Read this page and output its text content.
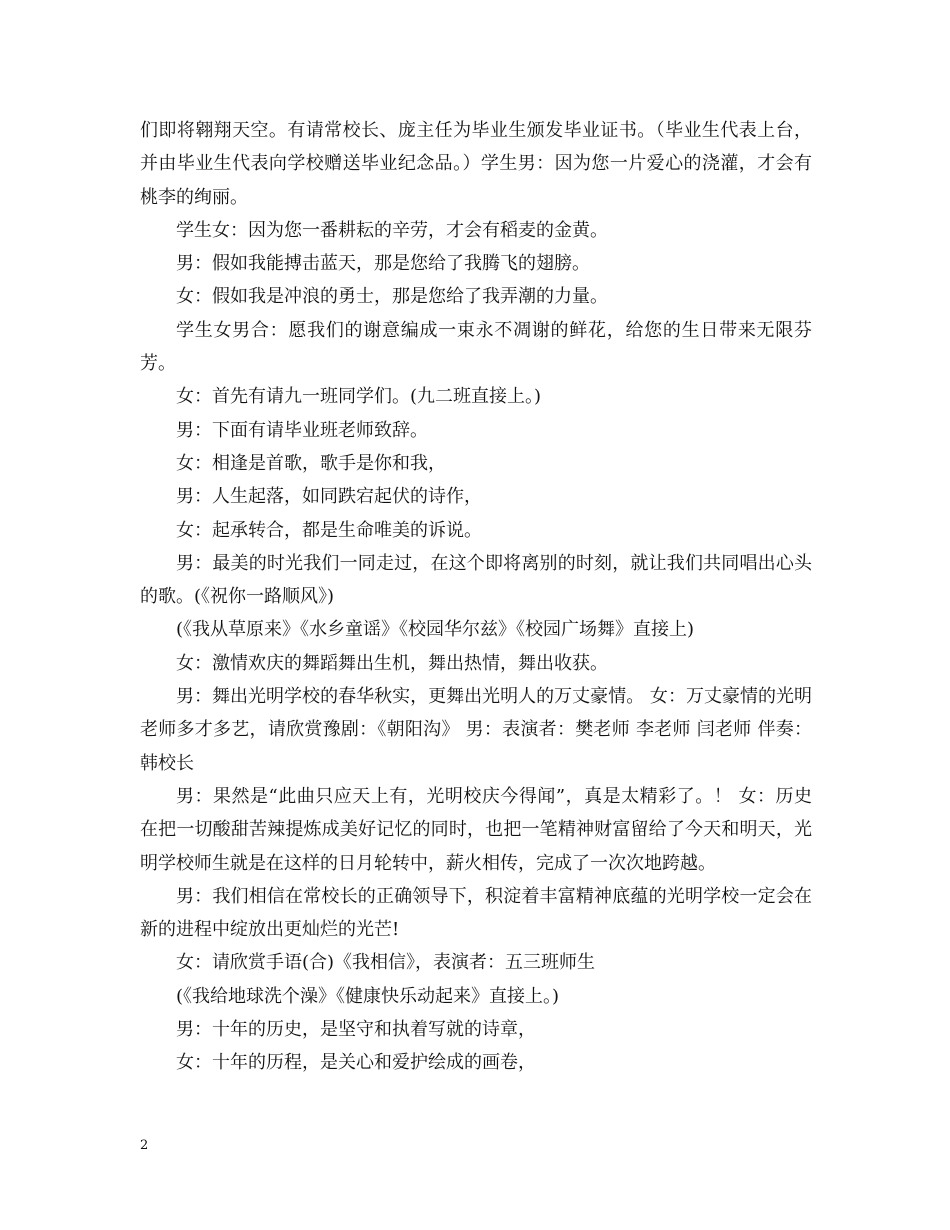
们即将翱翔天空。有请常校长、庞主任为毕业生颁发毕业证书。（毕业生代表上台，并由毕业生代表向学校赠送毕业纪念品。）学生男：因为您一片爱心的浇灌，才会有桃李的绚丽。

学生女：因为您一番耕耘的辛劳，才会有稻麦的金黄。

男：假如我能搏击蓝天，那是您给了我腾飞的翅膀。

女：假如我是冲浪的勇士，那是您给了我弄潮的力量。

学生女男合：愿我们的谢意编成一束永不凋谢的鲜花，给您的生日带来无限芬芳。

女：首先有请九一班同学们。(九二班直接上。)

男：下面有请毕业班老师致辞。

女：相逢是首歌，歌手是你和我，

男：人生起落，如同跌宕起伏的诗作，

女：起承转合，都是生命唯美的诉说。

男：最美的时光我们一同走过，在这个即将离别的时刻，就让我们共同唱出心头的歌。(《祝你一路顺风》)

(《我从草原来》《水乡童谣》《校园华尔兹》《校园广场舞》直接上)

女：激情欢庆的舞蹈舞出生机，舞出热情，舞出收获。

男：舞出光明学校的春华秋实，更舞出光明人的万丈豪情。 女：万丈豪情的光明老师多才多艺，请欣赏豫剧：《朝阳沟》 男：表演者：樊老师 李老师 闫老师 伴奏：韩校长

男：果然是“此曲只应天上有，光明校庆今得闻”，真是太精彩了。！ 女：历史在把一切酸甜苦辣提炼成美好记忆的同时，也把一笔精神财富留给了今天和明天，光明学校师生就是在这样的日月轮转中，薪火相传，完成了一次次地跨越。

男：我们相信在常校长的正确领导下，积淀着丰富精神底蕴的光明学校一定会在新的进程中绽放出更灿烂的光芒!

女：请欣赏手语(合)《我相信》，表演者：五三班师生

(《我给地球洗个澡》《健康快乐动起来》直接上。)

男：十年的历史，是坚守和执着写就的诗章，

女：十年的历程，是关心和爱护绘成的画卷，

2
